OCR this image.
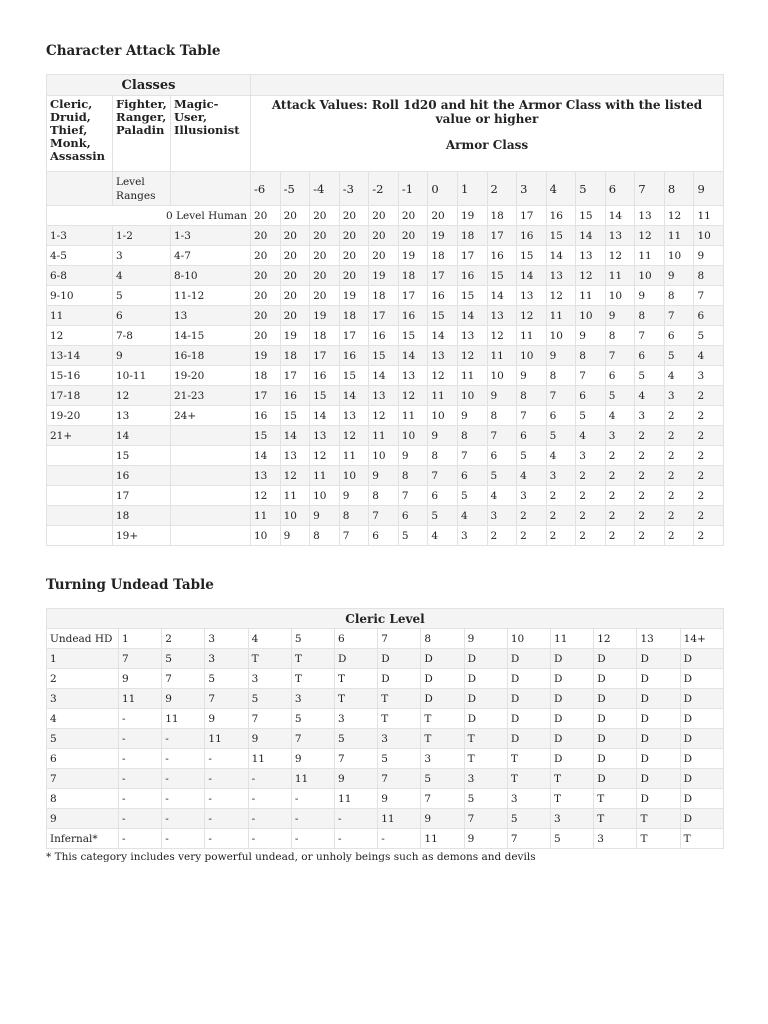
Character Attack Table
Classes																		
Cleric, Druid, Thief, Monk, Assassin	Fighter, Ranger, Paladin	Magic-User, Illusionist	Attack Values: Roll 1d20 and hit the Armor Class with the listed value or higher
Armor Class															

	Level Ranges		-6	-5	-4	-3	-2	-1	0	1	2	3	4	5	6	7	8	9
0 Level Human			20	20	20	20	20	20	20	19	18	17	16	15	14	13	12	11
1-3	1-2	1-3	20	20	20	20	20	20	19	18	17	16	15	14	13	12	11	10
4-5	3	4-7	20	20	20	20	20	19	18	17	16	15	14	13	12	11	10	9
6-8	4	8-10	20	20	20	20	19	18	17	16	15	14	13	12	11	10	9	8
9-10	5	11-12	20	20	20	19	18	17	16	15	14	13	12	11	10	9	8	7
11	6	13	20	20	19	18	17	16	15	14	13	12	11	10	9	8	7	6
12	7-8	14-15	20	19	18	17	16	15	14	13	12	11	10	9	8	7	6	5
13-14	9	16-18	19	18	17	16	15	14	13	12	11	10	9	8	7	6	5	4
15-16	10-11	19-20	18	17	16	15	14	13	12	11	10	9	8	7	6	5	4	3
17-18	12	21-23	17	16	15	14	13	12	11	10	9	8	7	6	5	4	3	2
19-20	13	24+	16	15	14	13	12	11	10	9	8	7	6	5	4	3	2	2
21+	14		15	14	13	12	11	10	9	8	7	6	5	4	3	2	2	2
	15		14	13	12	11	10	9	8	7	6	5	4	3	2	2	2	2
	16		13	12	11	10	9	8	7	6	5	4	3	2	2	2	2	2
	17		12	11	10	9	8	7	6	5	4	3	2	2	2	2	2	2
	18		11	10	9	8	7	6	5	4	3	2	2	2	2	2	2	2
	19+		10	9	8	7	6	5	4	3	2	2	2	2	2	2	2	2
Turning Undead Table
Cleric Level														
Undead HD	1	2	3	4	5	6	7	8	9	10	11	12	13	14+
1	7	5	3	T	T	D	D	D	D	D	D	D	D	D
2	9	7	5	3	T	T	D	D	D	D	D	D	D	D
3	11	9	7	5	3	T	T	D	D	D	D	D	D	D
4	-	11	9	7	5	3	T	T	D	D	D	D	D	D
5	-	-	11	9	7	5	3	T	T	D	D	D	D	D
6	-	-	-	11	9	7	5	3	T	T	D	D	D	D
7	-	-	-	-	11	9	7	5	3	T	T	D	D	D
8	-	-	-	-	-	11	9	7	5	3	T	T	D	D
9	-	-	-	-	-	-	11	9	7	5	3	T	T	D
Infernal*	-	-	-	-	-	-	-	11	9	7	5	3	T	T
* This category includes very powerful undead, or unholy beings such as demons and devils
